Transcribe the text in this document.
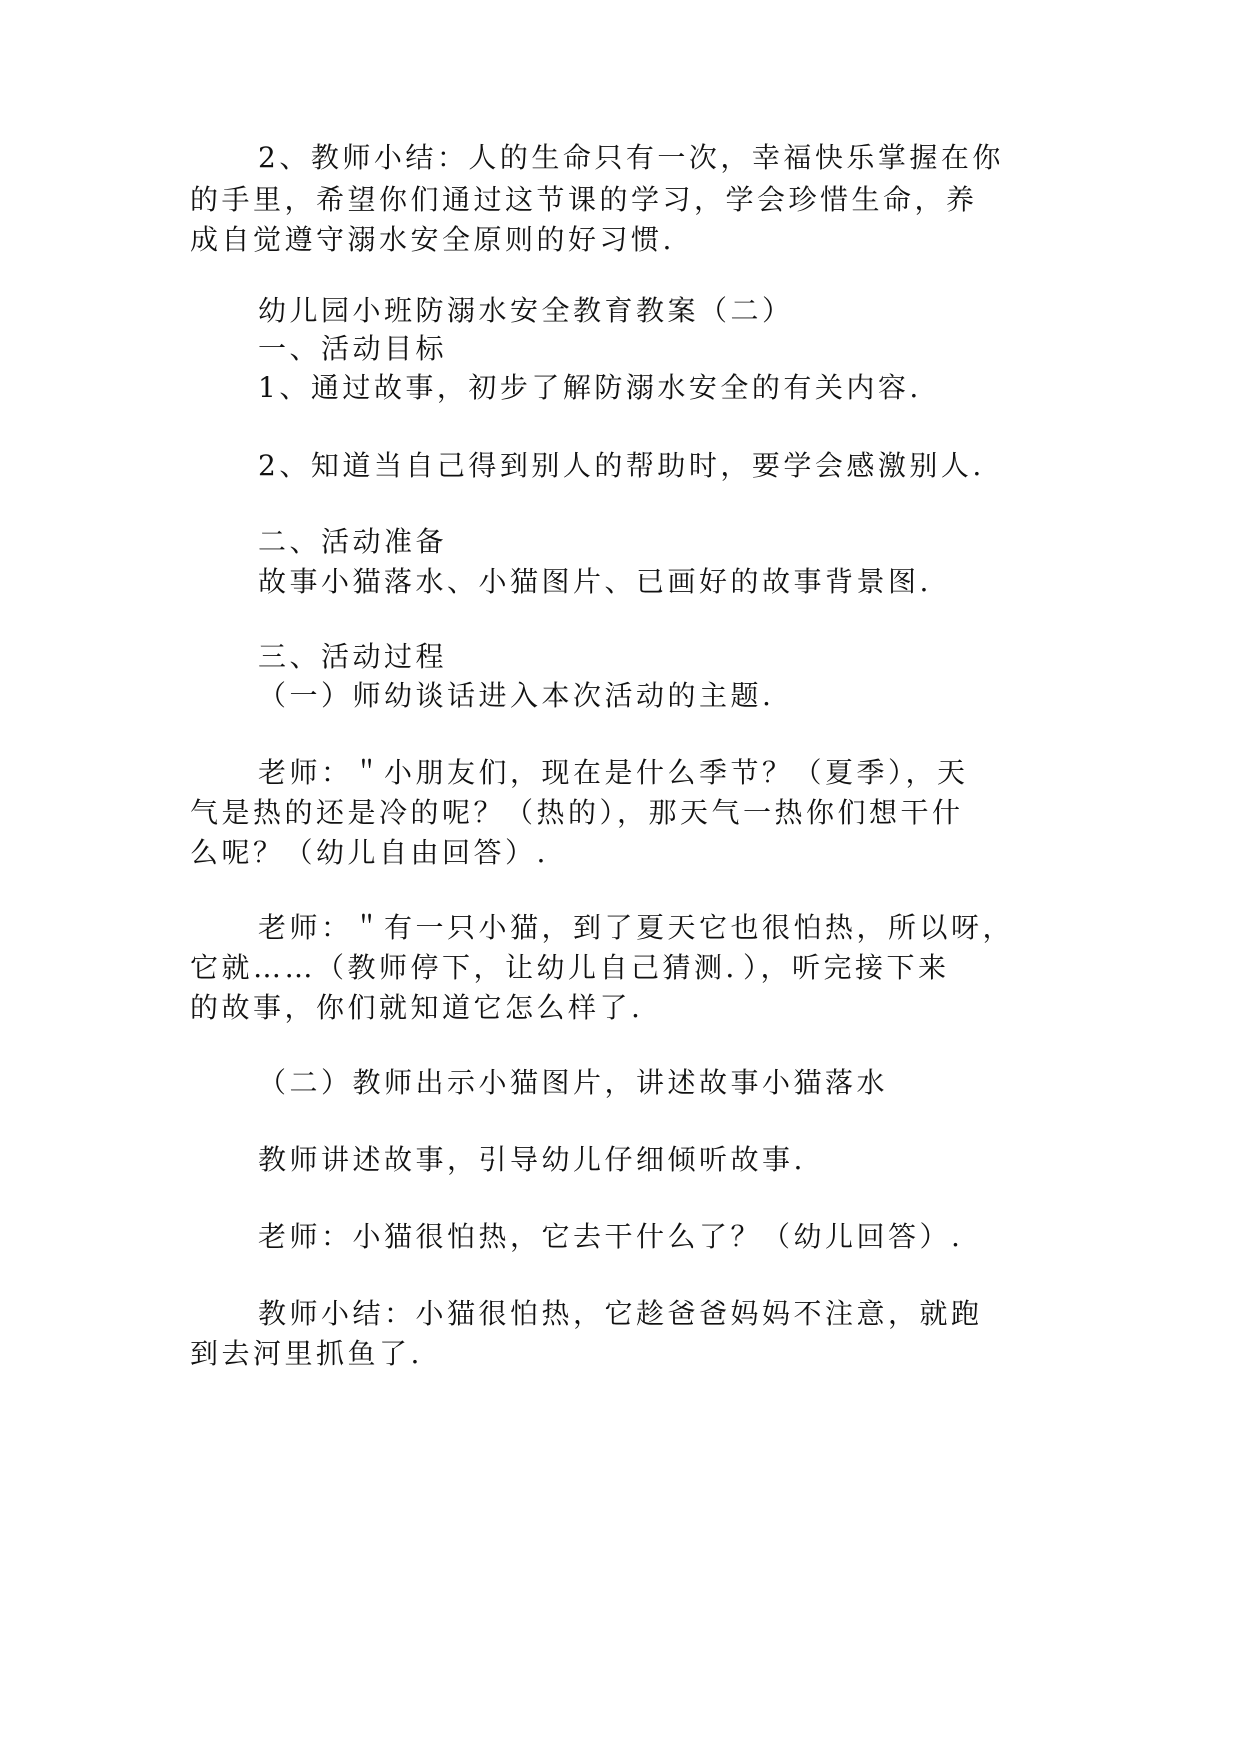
2、教师小结：人的生命只有一次，幸福快乐掌握在你
的手里，希望你们通过这节课的学习，学会珍惜生命，养
成自觉遵守溺水安全原则的好习惯.
幼儿园小班防溺水安全教育教案（二）
一、活动目标
1、通过故事，初步了解防溺水安全的有关内容.
2、知道当自己得到别人的帮助时，要学会感激别人.
二、活动准备
故事小猫落水、小猫图片、已画好的故事背景图.
三、活动过程
（一）师幼谈话进入本次活动的主题.
老师：＂小朋友们，现在是什么季节？（夏季），天
气是热的还是冷的呢？（热的），那天气一热你们想干什
么呢？（幼儿自由回答）.
老师：＂有一只小猫，到了夏天它也很怕热，所以呀，
它就……（教师停下，让幼儿自己猜测．），听完接下来
的故事，你们就知道它怎么样了.
（二）教师出示小猫图片，讲述故事小猫落水
教师讲述故事，引导幼儿仔细倾听故事.
老师：小猫很怕热，它去干什么了？（幼儿回答）.
教师小结：小猫很怕热，它趁爸爸妈妈不注意，就跑
到去河里抓鱼了.
